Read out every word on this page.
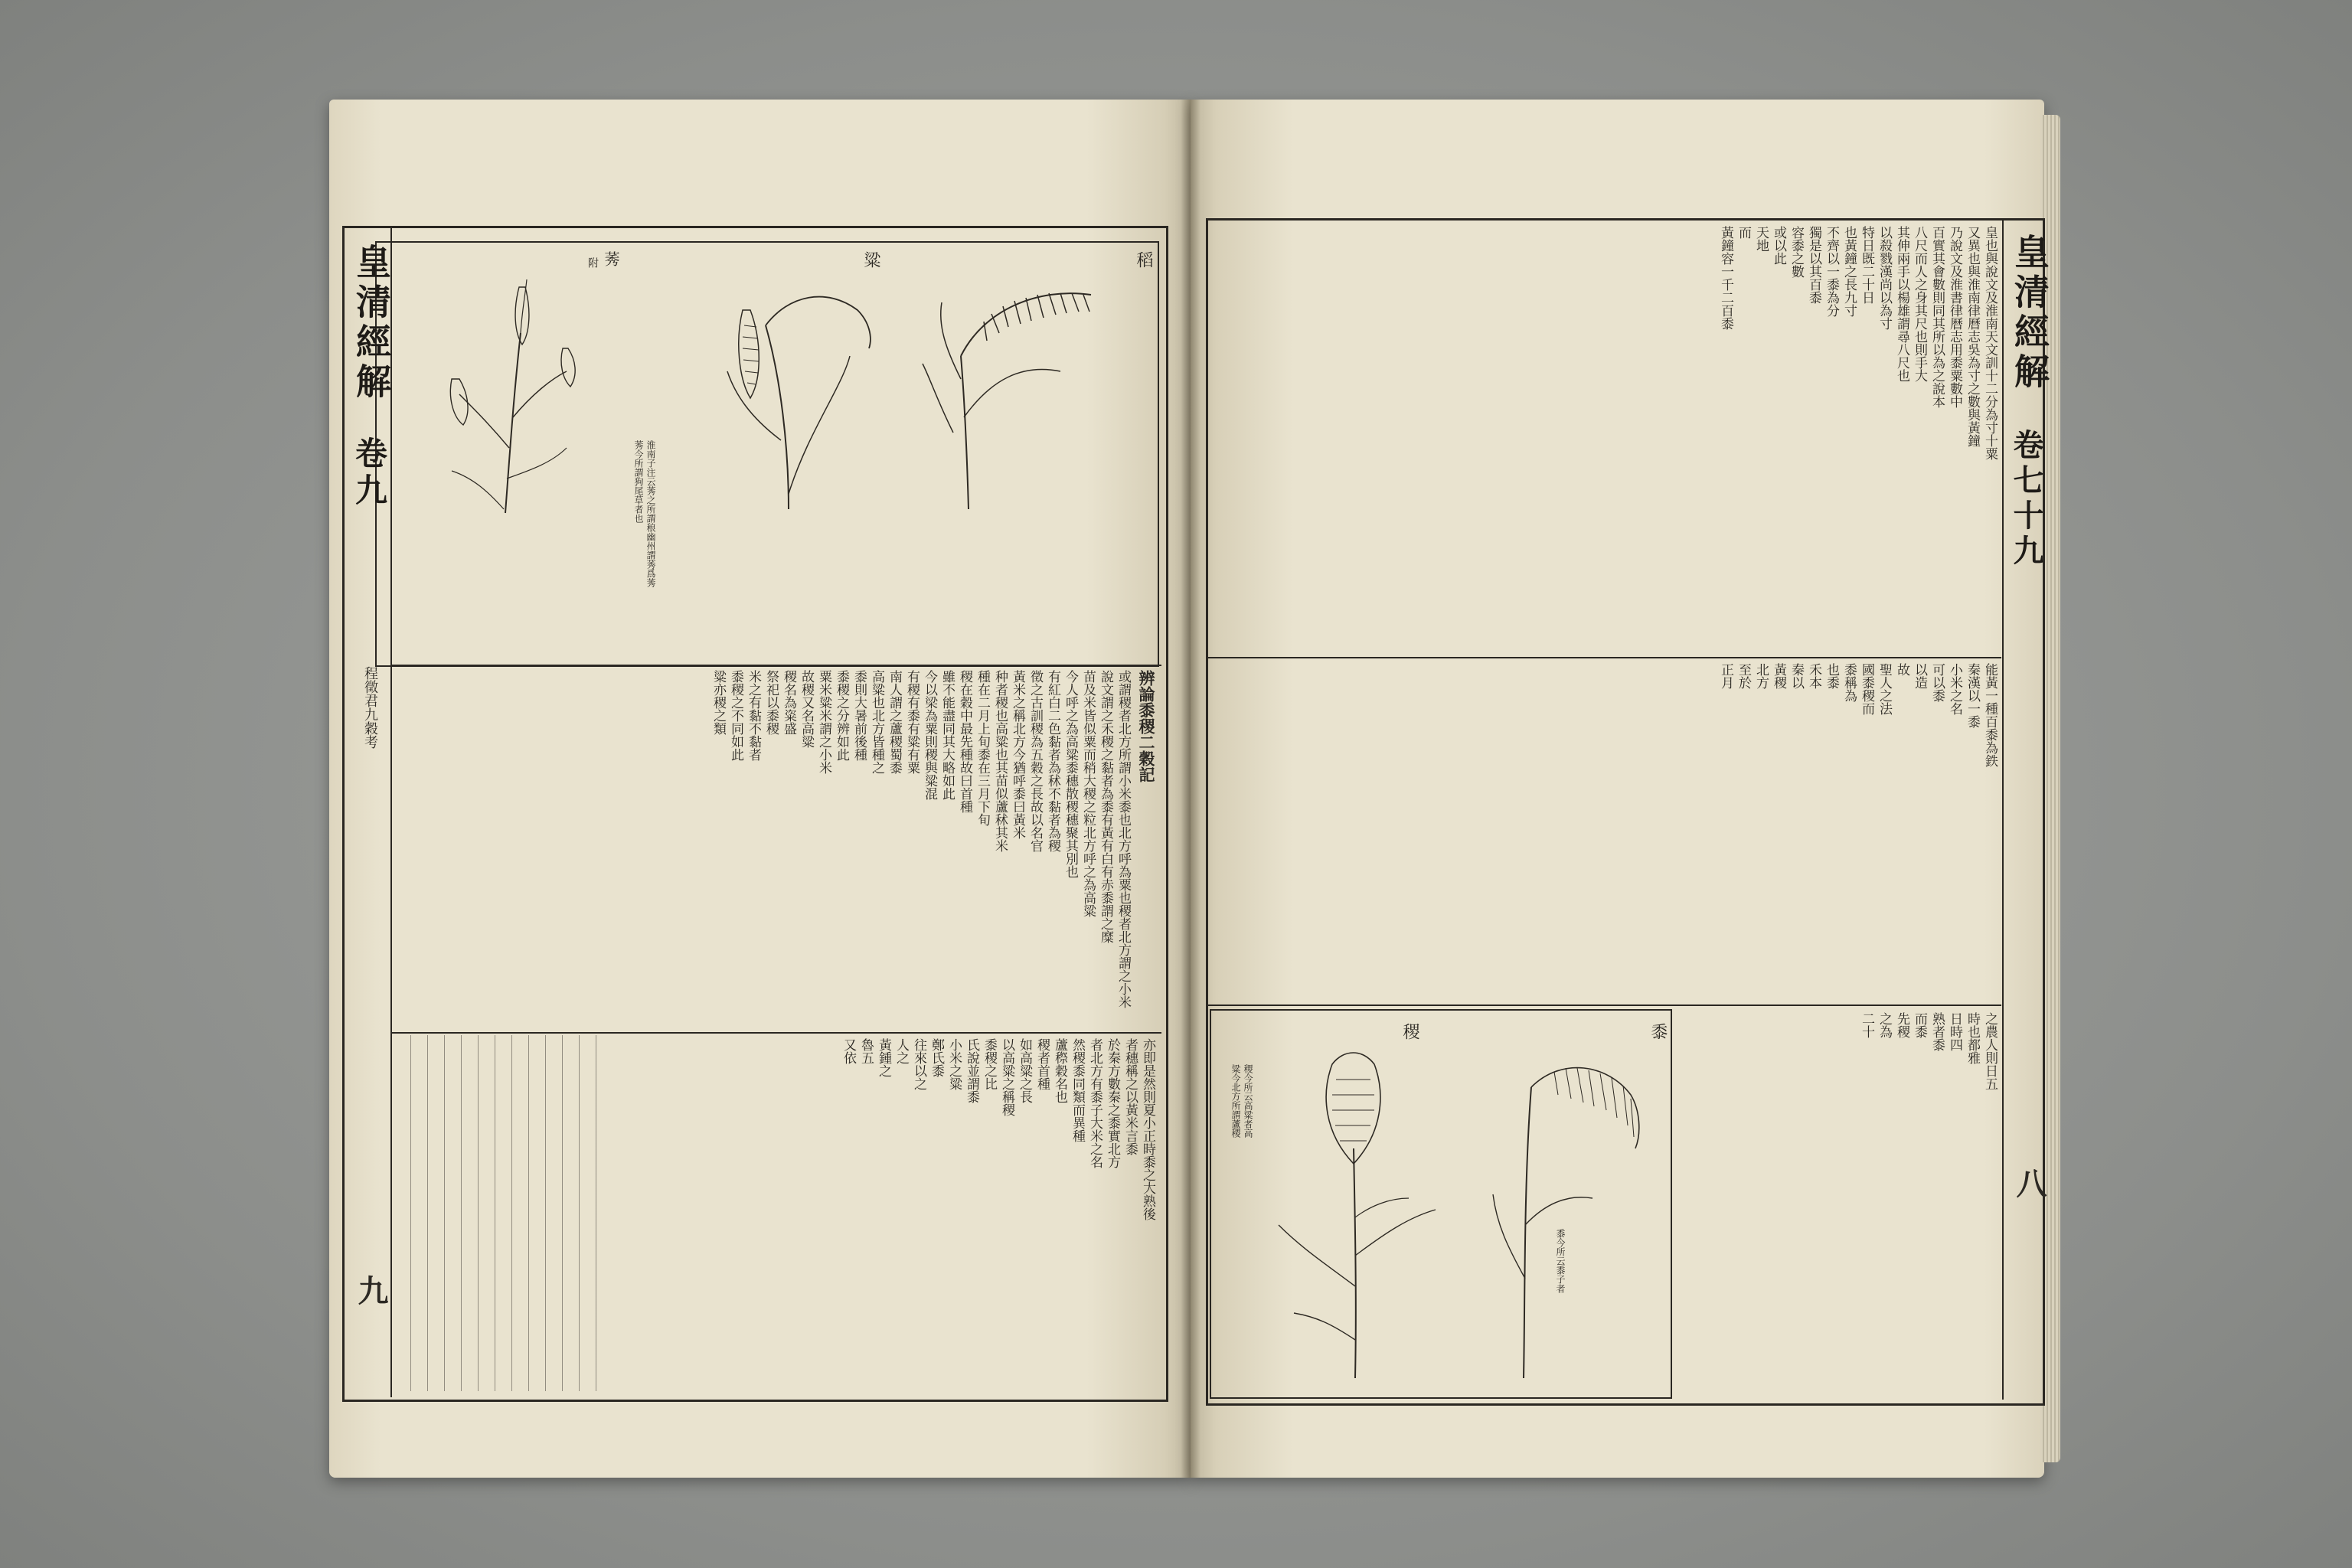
皇清經解
卷九
程徵君九穀考
九
稻
粱
莠
附
淮南子注云莠之所謂稂幽州謂莠爲莠
莠今所謂狗尾草者也
辨論黍稷二穀記
或謂稷者北方所謂小米黍也北方呼為粟也稷者北方謂之小米
說文謂之禾稷之黏者為黍有黃有白有赤黍謂之糜
苗及米皆似粟而稍大稷之粒北方呼之為高粱
今人呼之為高粱黍穗散稷穗聚其別也
有紅白二色黏者為秫不黏者為稷
徵之古訓稷為五穀之長故以名官
黃米之稱北方今猶呼黍曰黃米
种者稷也高粱也其苗似蘆秫其米
種在二月上旬黍在三月下旬
稷在穀中最先種故曰首種
雖不能盡同其大略如此
今以梁為粟則稷與粱混
有稷有黍有粱有粟
南人謂之蘆稷蜀黍
高粱也北方皆種之
黍則大暑前後種
黍稷之分辨如此
粟米粱米謂之小米
故稷又名高粱
稷名為粢盛
祭祀以黍稷
米之有黏不黏者
黍稷之不同如此
粱亦稷之類
亦即是然則夏小正時黍之大熟後
者穗稱之以黃米言黍
於秦方數秦之黍實北方
者北方有黍子大米之名
然稷黍同類而異種
蘆穄穀名也
稷者首種
如高粱之長
以高粱之稱稷
黍稷之比
氏說並謂黍
小米之粱
鄭氏黍
往來以之
人之
黃鍾之
魯五
又依
皇清經解
卷七十九
八
皇也與說文及淮南天文訓十二分為寸十粟
又異也與淮南律曆志吳為寸之數與黃鐘
乃說文及淮書律曆志用黍粟數中
百實其會數則同其所以為之說本
八尺而人之身其尺也則手大
其伸兩手以楊雄謂尋八尺也
以殺戮漢尚以為寸
特日既二十日
也黃鐘之長九寸
不齊以一黍為分
獨是以其百黍
容黍之數
或以此
天地
而
黃鐘容一千二百黍
能黃一種百黍為鉄
秦漢以一黍
小米之名
可以黍
以造
故
聖人之法
國黍稷而
黍稱為
也黍
禾本
秦以
黃稷
北方
至於
正月
黍
稷
黍今所云黍子者
稷今所云高粱者高
粱今北方所謂蘆稷
之農人則日五
時也都雅
日時四
熟者黍
而黍
先稷
之為
二十
